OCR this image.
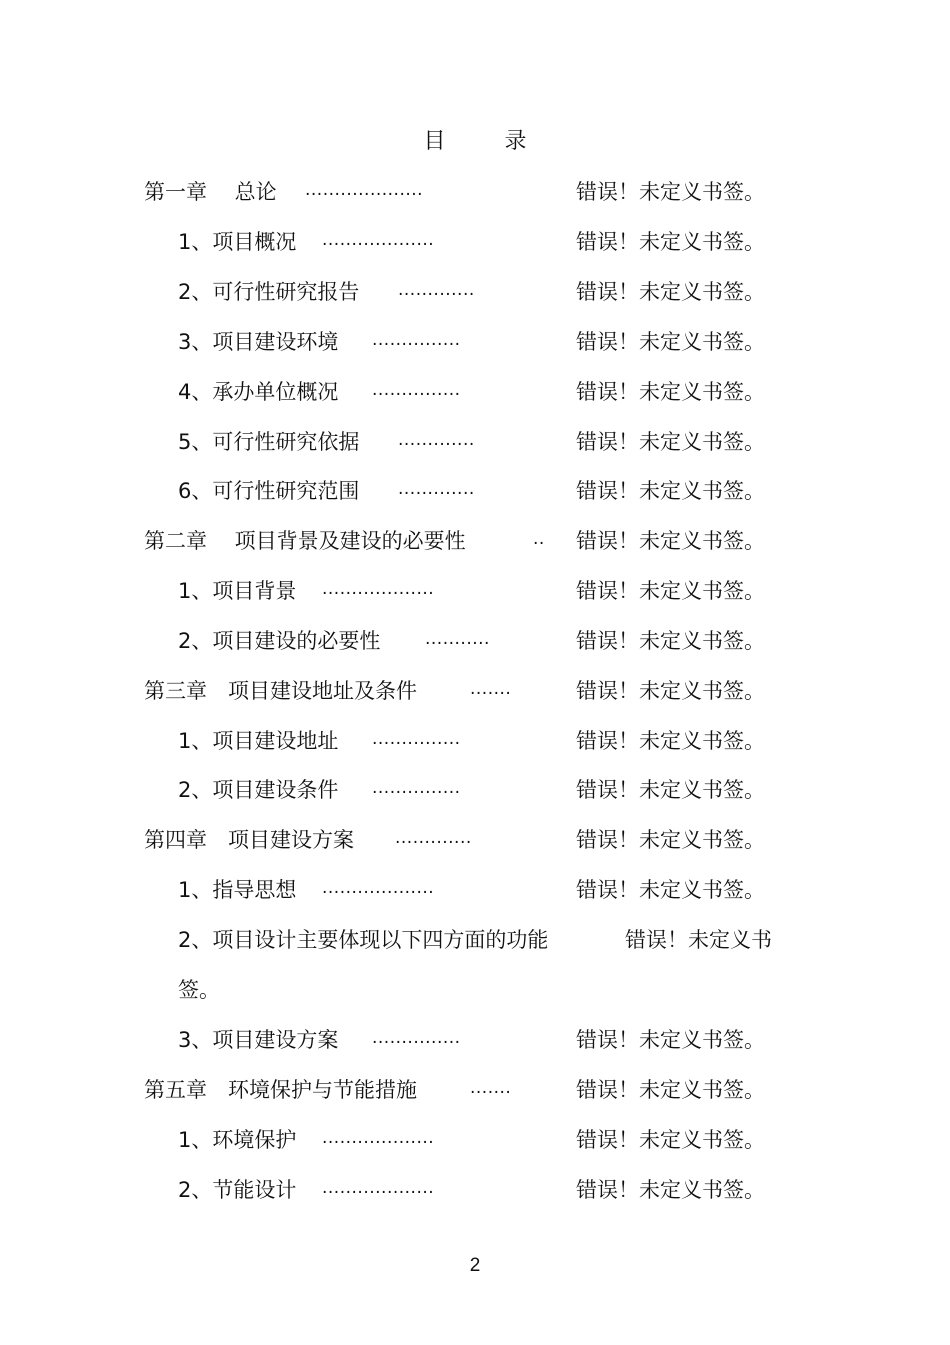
目 录
第一章　 总论 ....................	错误！未定义书签。
1、项目概况 ...................	错误！未定义书签。
2、可行性研究报告 .............	错误！未定义书签。
3、项目建设环境 ...............	错误！未定义书签。
4、承办单位概况 ...............	错误！未定义书签。
5、可行性研究依据 .............	错误！未定义书签。
6、可行性研究范围 .............	错误！未定义书签。
第二章　 项目背景及建设的必要性	.. 错误！未定义书签。
1、项目背景 ...................	错误！未定义书签。
2、项目建设的必要性	...........	错误！未定义书签。
第三章　项目建设地址及条件	.......	错误！未定义书签。
1、项目建设地址 ...............	错误！未定义书签。
2、项目建设条件 ...............	错误！未定义书签。
第四章　项目建设方案 .............	错误！未定义书签。
1、指导思想 ...................	错误！未定义书签。
2、项目设计主要体现以下四方面的功能	错误！未定义书
签。
3、项目建设方案 ...............	错误！未定义书签。
第五章　环境保护与节能措施	.......	错误！未定义书签。
1、环境保护 ...................	错误！未定义书签。
2、节能设计 ...................	错误！未定义书签。
2
